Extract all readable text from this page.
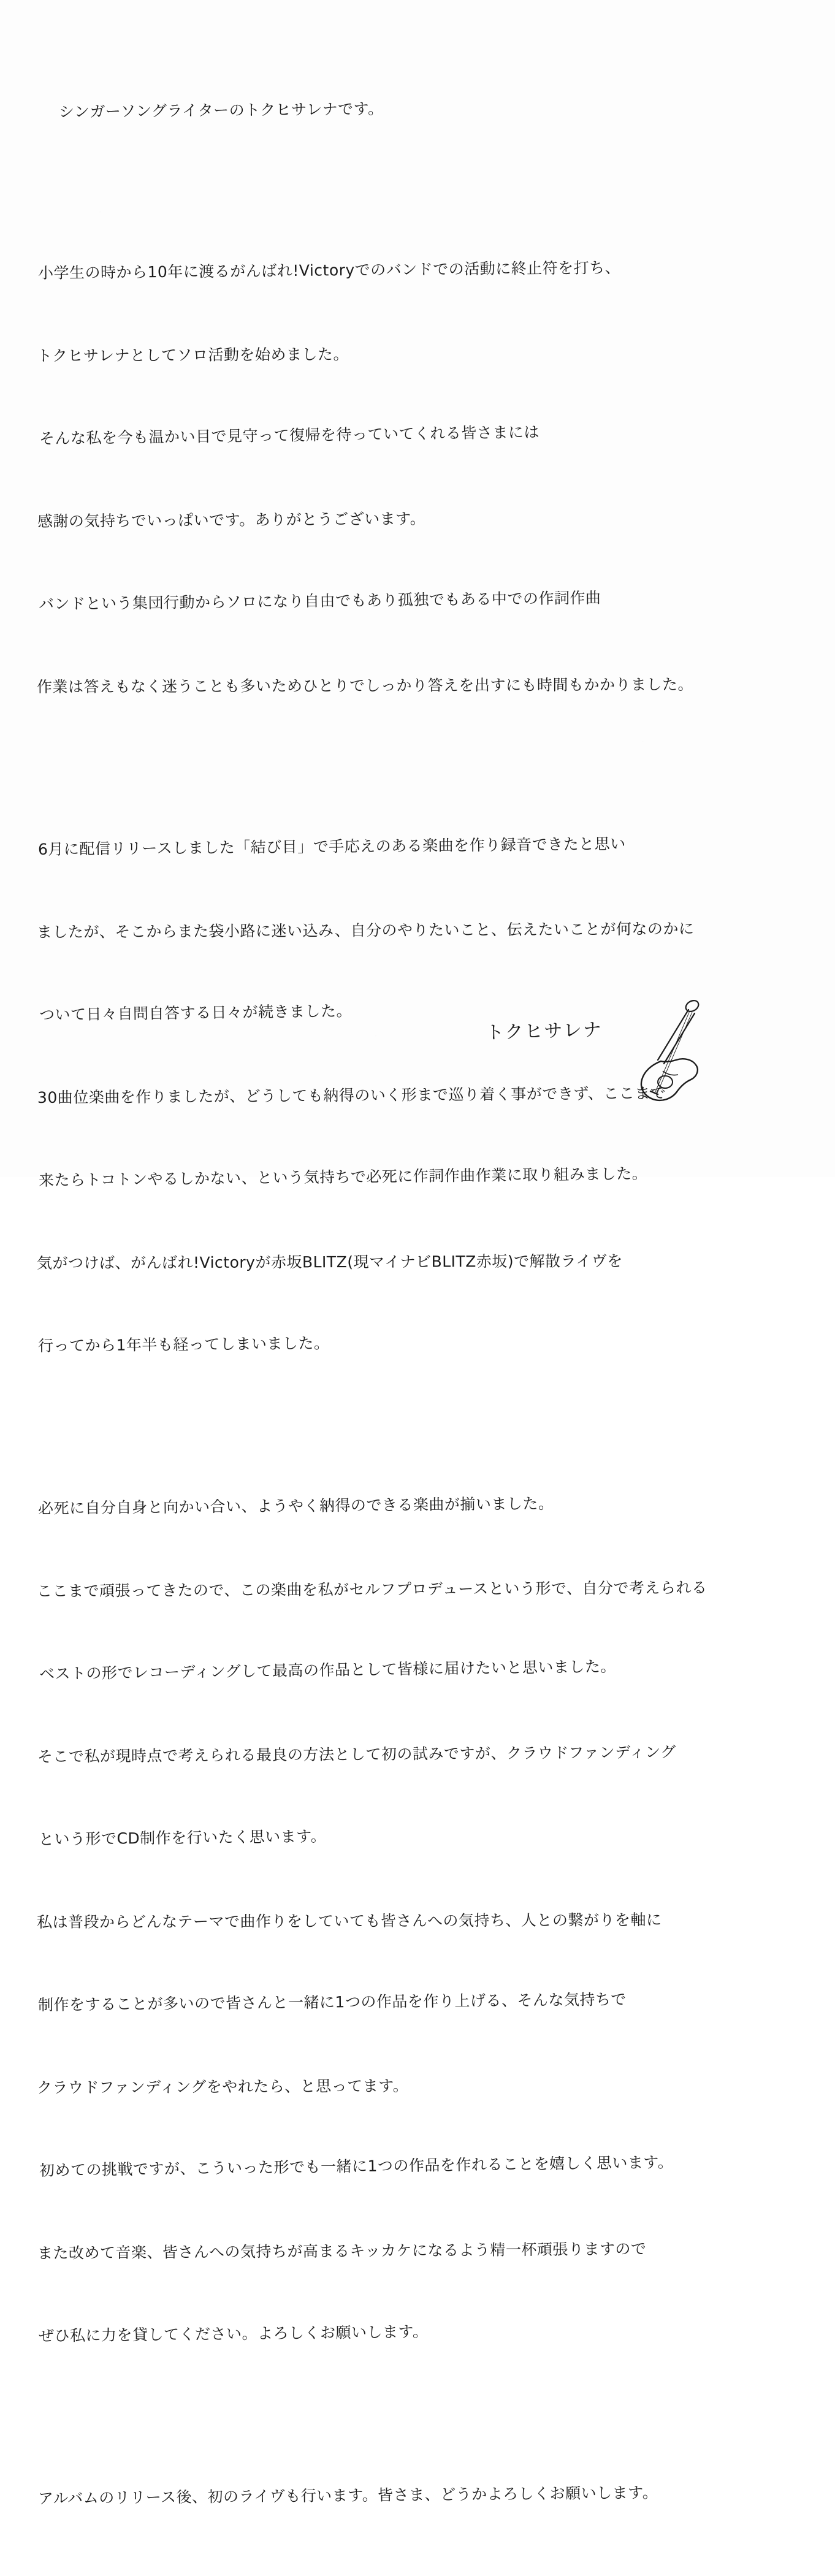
シンガーソングライターのトクヒサレナです。

小学生の時から10年に渡るがんばれ!Victoryでのバンドでの活動に終止符を打ち、

トクヒサレナとしてソロ活動を始めました。

そんな私を今も温かい目で見守って復帰を待っていてくれる皆さまには

感謝の気持ちでいっぱいです。ありがとうございます。

バンドという集団行動からソロになり自由でもあり孤独でもある中での作詞作曲

作業は答えもなく迷うことも多いためひとりでしっかり答えを出すにも時間もかかりました。

6月に配信リリースしました「結び目」で手応えのある楽曲を作り録音できたと思い

ましたが、そこからまた袋小路に迷い込み、自分のやりたいこと、伝えたいことが何なのかに

ついて日々自問自答する日々が続きました。

30曲位楽曲を作りましたが、どうしても納得のいく形まで巡り着く事ができず、ここまで

来たらトコトンやるしかない、という気持ちで必死に作詞作曲作業に取り組みました。

気がつけば、がんばれ!Victoryが赤坂BLITZ(現マイナビBLITZ赤坂)で解散ライヴを

行ってから1年半も経ってしまいました。

必死に自分自身と向かい合い、ようやく納得のできる楽曲が揃いました。

ここまで頑張ってきたので、この楽曲を私がセルフプロデュースという形で、自分で考えられる

ベストの形でレコーディングして最高の作品として皆様に届けたいと思いました。

そこで私が現時点で考えられる最良の方法として初の試みですが、クラウドファンディング

という形でCD制作を行いたく思います。

私は普段からどんなテーマで曲作りをしていても皆さんへの気持ち、人との繋がりを軸に

制作をすることが多いので皆さんと一緒に1つの作品を作り上げる、そんな気持ちで

クラウドファンディングをやれたら、と思ってます。

初めての挑戦ですが、こういった形でも一緒に1つの作品を作れることを嬉しく思います。

また改めて音楽、皆さんへの気持ちが高まるキッカケになるよう精一杯頑張りますので

ぜひ私に力を貸してください。よろしくお願いします。

アルバムのリリース後、初のライヴも行います。皆さま、どうかよろしくお願いします。

トクヒサレナ
